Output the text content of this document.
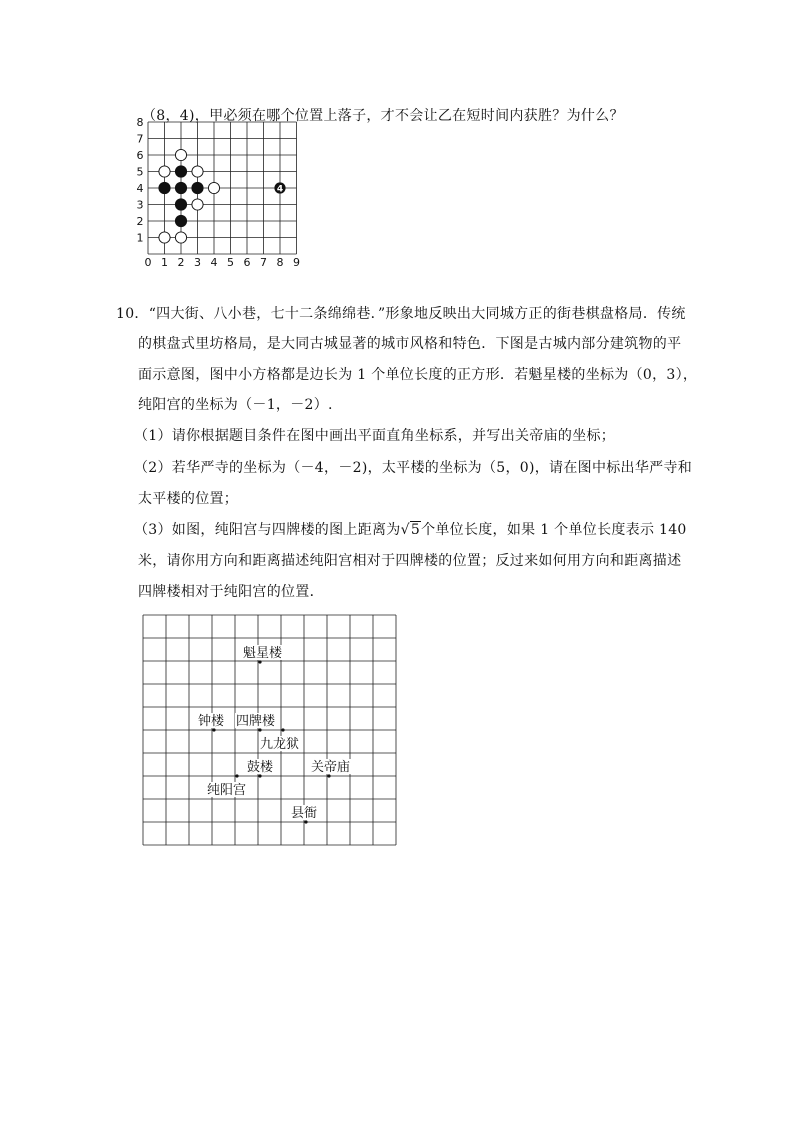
（8，4)，甲必须在哪个位置上落子，才不会让乙在短时间内获胜？为什么？
4
0 1 2 3 4 5 6 7 8 9
1
2
3
4
5
6
7
8
10．“四大街、八小巷，七十二条绵绵巷．”形象地反映出大同城方正的街巷棋盘格局．传统
的棋盘式里坊格局，是大同古城显著的城市风格和特色．下图是古城内部分建筑物的平
面示意图，图中小方格都是边长为 1 个单位长度的正方形．若魁星楼的坐标为（0，3），
纯阳宫的坐标为（－1，－2）.
（1）请你根据题目条件在图中画出平面直角坐标系，并写出关帝庙的坐标；
（2）若华严寺的坐标为（－4，－2)，太平楼的坐标为（5，0)，请在图中标出华严寺和
太平楼的位置；
（3）如图，纯阳宫与四牌楼的图上距离为√5个单位长度，如果 1 个单位长度表示 140
米，请你用方向和距离描述纯阳宫相对于四牌楼的位置；反过来如何用方向和距离描述
四牌楼相对于纯阳宫的位置．
魁星楼
钟楼 四牌楼
九龙狱
鼓楼	关帝庙
纯阳宫
县衙
